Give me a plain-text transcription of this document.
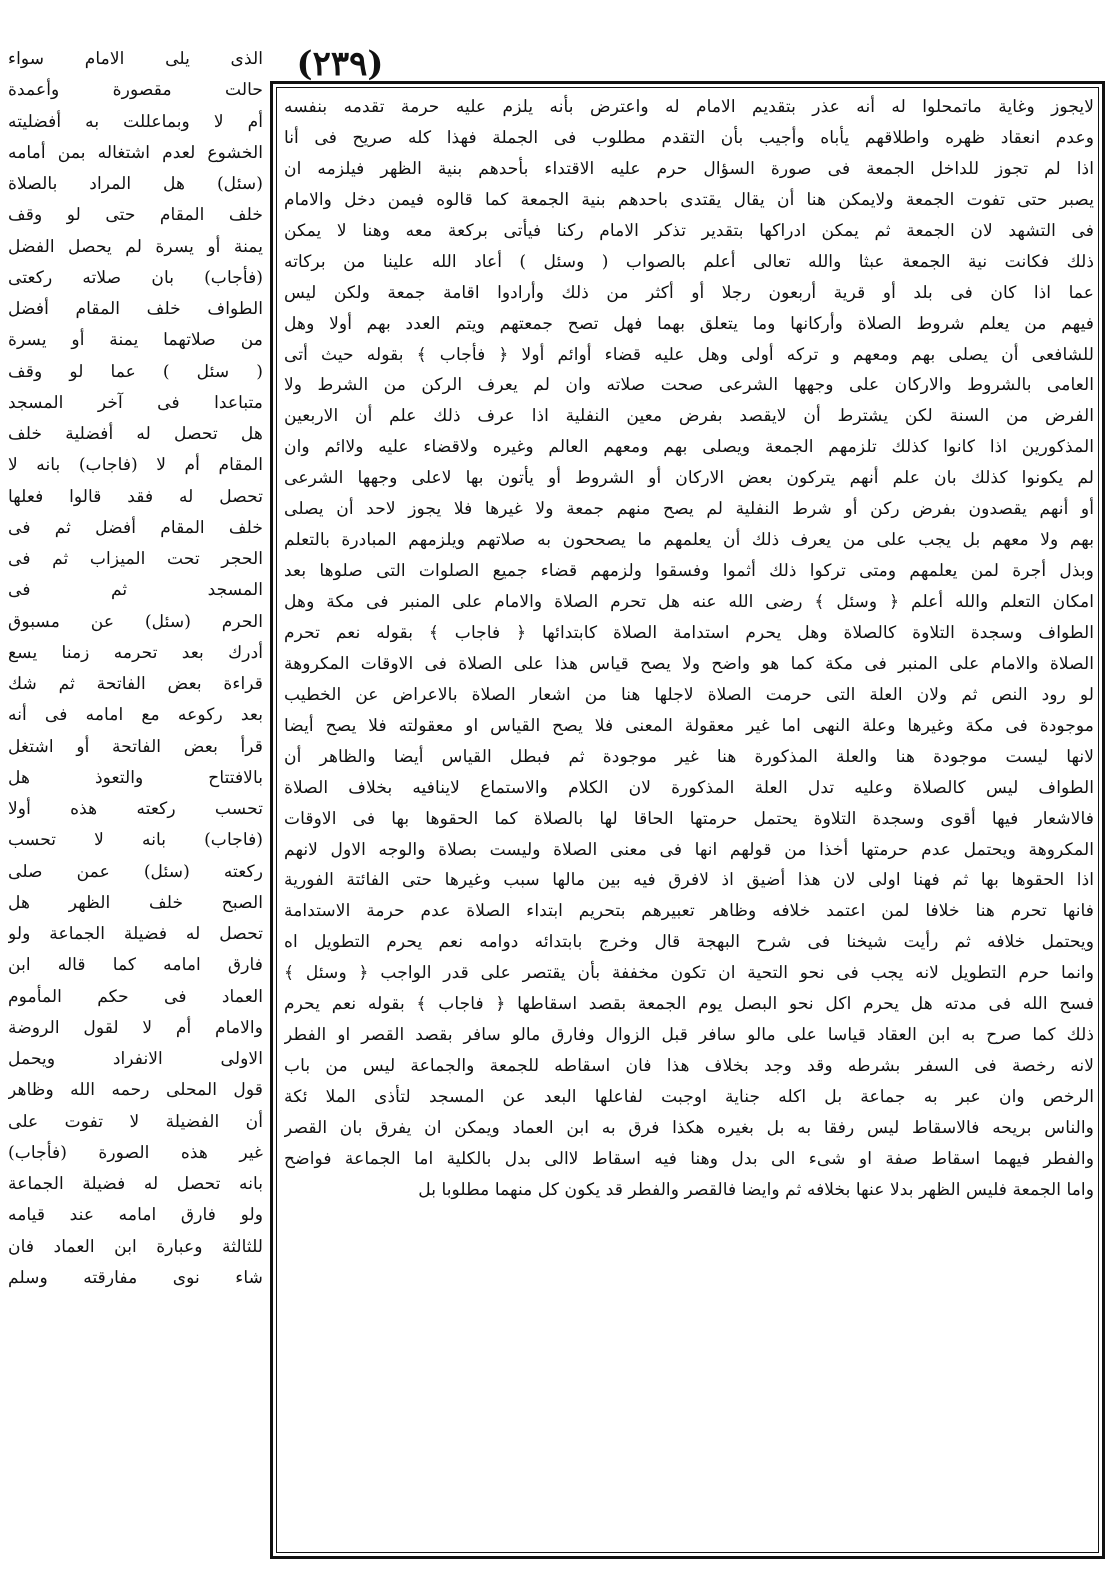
(٢٣٩)
لايجوز وغاية ماتمحلوا له أنه عذر بتقديم الامام له واعترض بأنه يلزم عليه حرمة تقدمه بنفسه
وعدم انعقاد ظهره واطلاقهم يأباه وأجيب بأن التقدم مطلوب فى الجملة فهذا كله صريح فى أنا
اذا لم تجوز للداخل الجمعة فى صورة السؤال حرم عليه الاقتداء بأحدهم بنية الظهر فيلزمه ان
يصبر حتى تفوت الجمعة ولايمكن هنا أن يقال يقتدى باحدهم بنية الجمعة كما قالوه فيمن دخل والامام
فى التشهد لان الجمعة ثم يمكن ادراكها بتقدير تذكر الامام ركنا فيأتى بركعة معه وهنا لا يمكن
ذلك فكانت نية الجمعة عبثا والله تعالى أعلم بالصواب ( وسئل ) أعاد الله علينا من بركاته
عما اذا كان فى بلد أو قرية أربعون رجلا أو أكثر من ذلك وأرادوا اقامة جمعة ولكن ليس
فيهم من يعلم شروط الصلاة وأركانها وما يتعلق بهما فهل تصح جمعتهم ويتم العدد بهم أولا وهل
للشافعى أن يصلى بهم ومعهم و تركه أولى وهل عليه قضاء أوائم أولا ﴿ فأجاب ﴾ بقوله حيث أتى
العامى بالشروط والاركان على وجهها الشرعى صحت صلاته وان لم يعرف الركن من الشرط ولا
الفرض من السنة لكن يشترط أن لايقصد بفرض معين النفلية اذا عرف ذلك علم أن الاربعين
المذكورين اذا كانوا كذلك تلزمهم الجمعة ويصلى بهم ومعهم العالم وغيره ولاقضاء عليه ولاائم وان
لم يكونوا كذلك بان علم أنهم يتركون بعض الاركان أو الشروط أو يأتون بها لاعلى وجهها الشرعى
أو أنهم يقصدون بفرض ركن أو شرط النفلية لم يصح منهم جمعة ولا غيرها فلا يجوز لاحد أن يصلى
بهم ولا معهم بل يجب على من يعرف ذلك أن يعلمهم ما يصححون به صلاتهم ويلزمهم المبادرة بالتعلم
وبذل أجرة لمن يعلمهم ومتى تركوا ذلك أثموا وفسقوا ولزمهم قضاء جميع الصلوات التى صلوها بعد
امكان التعلم والله أعلم ﴿ وسئل ﴾ رضى الله عنه هل تحرم الصلاة والامام على المنبر فى مكة وهل
الطواف وسجدة التلاوة كالصلاة وهل يحرم استدامة الصلاة كابتدائها ﴿ فاجاب ﴾ بقوله نعم تحرم
الصلاة والامام على المنبر فى مكة كما هو واضح ولا يصح قياس هذا على الصلاة فى الاوقات المكروهة
لو رود النص ثم ولان العلة التى حرمت الصلاة لاجلها هنا من اشعار الصلاة بالاعراض عن الخطيب
موجودة فى مكة وغيرها وعلة النهى اما غير معقولة المعنى فلا يصح القياس او معقولته فلا يصح أيضا
لانها ليست موجودة هنا والعلة المذكورة هنا غير موجودة ثم فبطل القياس أيضا والظاهر أن
الطواف ليس كالصلاة وعليه تدل العلة المذكورة لان الكلام والاستماع لاينافيه بخلاف الصلاة
فالاشعار فيها أقوى وسجدة التلاوة يحتمل حرمتها الحاقا لها بالصلاة كما الحقوها بها فى الاوقات
المكروهة ويحتمل عدم حرمتها أخذا من قولهم انها فى معنى الصلاة وليست بصلاة والوجه الاول لانهم
اذا الحقوها بها ثم فهنا اولى لان هذا أضيق اذ لافرق فيه بين مالها سبب وغيرها حتى الفائتة الفورية
فانها تحرم هنا خلافا لمن اعتمد خلافه وظاهر تعبيرهم بتحريم ابتداء الصلاة عدم حرمة الاستدامة
ويحتمل خلافه ثم رأيت شيخنا فى شرح البهجة قال وخرج بابتدائه دوامه نعم يحرم التطويل اه
وانما حرم التطويل لانه يجب فى نحو التحية ان تكون مخففة بأن يقتصر على قدر الواجب ﴿ وسئل ﴾
فسح الله فى مدته هل يحرم اكل نحو البصل يوم الجمعة بقصد اسقاطها ﴿ فاجاب ﴾ بقوله نعم يحرم
ذلك كما صرح به ابن العقاد قياسا على مالو سافر قبل الزوال وفارق مالو سافر بقصد القصر او الفطر
لانه رخصة فى السفر بشرطه وقد وجد بخلاف هذا فان اسقاطه للجمعة والجماعة ليس من باب
الرخص وان عبر به جماعة بل اكله جناية اوجبت لفاعلها البعد عن المسجد لتأذى الملا ئكة
والناس بريحه فالاسقاط ليس رفقا به بل بغيره هكذا فرق به ابن العماد ويمكن ان يفرق بان القصر
والفطر فيهما اسقاط صفة او شىء الى بدل وهنا فيه اسقاط لاالى بدل بالكلية اما الجماعة فواضح
واما الجمعة فليس الظهر بدلا عنها بخلافه ثم وايضا فالقصر والفطر قد يكون كل منهما مطلوبا بل
الذى يلى الامام سواء
حالت مقصورة وأعمدة
أم لا وبماعللت به أفضليته
الخشوع لعدم اشتغاله بمن أمامه
(سئل) هل المراد بالصلاة
خلف المقام حتى لو وقف
يمنة أو يسرة لم يحصل الفضل
(فأجاب) بان صلاته ركعتى
الطواف خلف المقام أفضل
من صلاتهما يمنة أو يسرة
( سئل ) عما لو وقف
متباعدا فى آخر المسجد
هل تحصل له أفضلية خلف
المقام أم لا (فاجاب) بانه لا
تحصل له فقد قالوا فعلها
خلف المقام أفضل ثم فى
الحجر تحت الميزاب ثم فى
المسجد ثم فى
الحرم (سئل) عن مسبوق
أدرك بعد تحرمه زمنا يسع
قراءة بعض الفاتحة ثم شك
بعد ركوعه مع امامه فى أنه
قرأ بعض الفاتحة أو اشتغل
بالافتتاح والتعوذ هل
تحسب ركعته هذه أولا
(فاجاب) بانه لا تحسب
ركعته (سئل) عمن صلى
الصبح خلف الظهر هل
تحصل له فضيلة الجماعة ولو
فارق امامه كما قاله ابن
العماد فى حكم المأموم
والامام أم لا لقول الروضة
الاولى الانفراد ويحمل
قول المحلى رحمه الله وظاهر
أن الفضيلة لا تفوت على
غير هذه الصورة (فأجاب)
بانه تحصل له فضيلة الجماعة
ولو فارق امامه عند قيامه
للثالثة وعبارة ابن العماد فان
شاء نوى مفارقته وسلم
